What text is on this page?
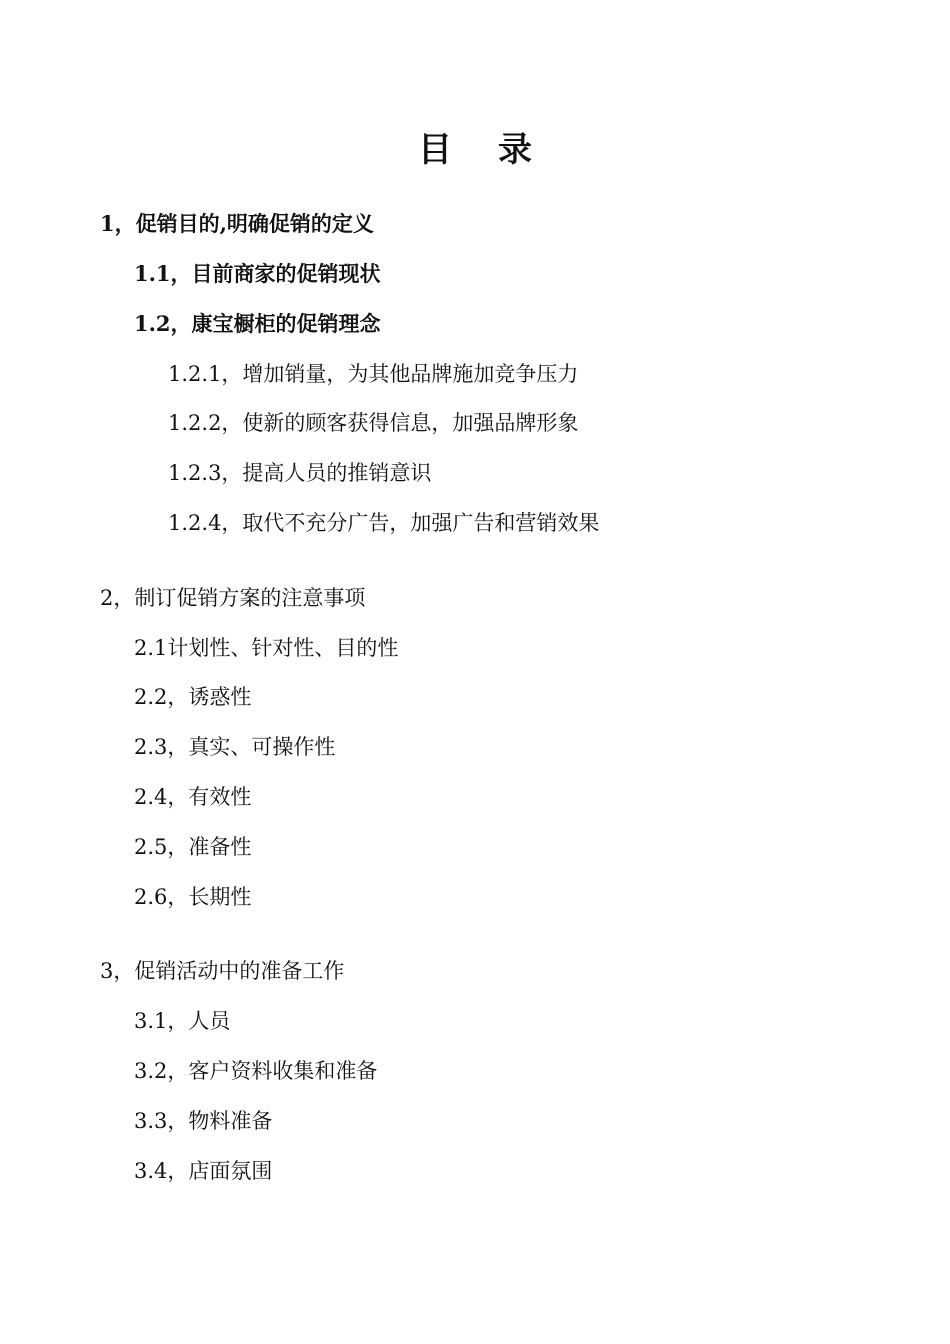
目录
1，促销目的,明确促销的定义
1.1，目前商家的促销现状
1.2，康宝橱柜的促销理念
1.2.1，增加销量，为其他品牌施加竞争压力
1.2.2，使新的顾客获得信息，加强品牌形象
1.2.3，提高人员的推销意识
1.2.4，取代不充分广告，加强广告和营销效果
2，制订促销方案的注意事项
2.1计划性、针对性、目的性
2.2，诱惑性
2.3，真实、可操作性
2.4，有效性
2.5，准备性
2.6，长期性
3，促销活动中的准备工作
3.1，人员
3.2，客户资料收集和准备
3.3，物料准备
3.4，店面氛围
